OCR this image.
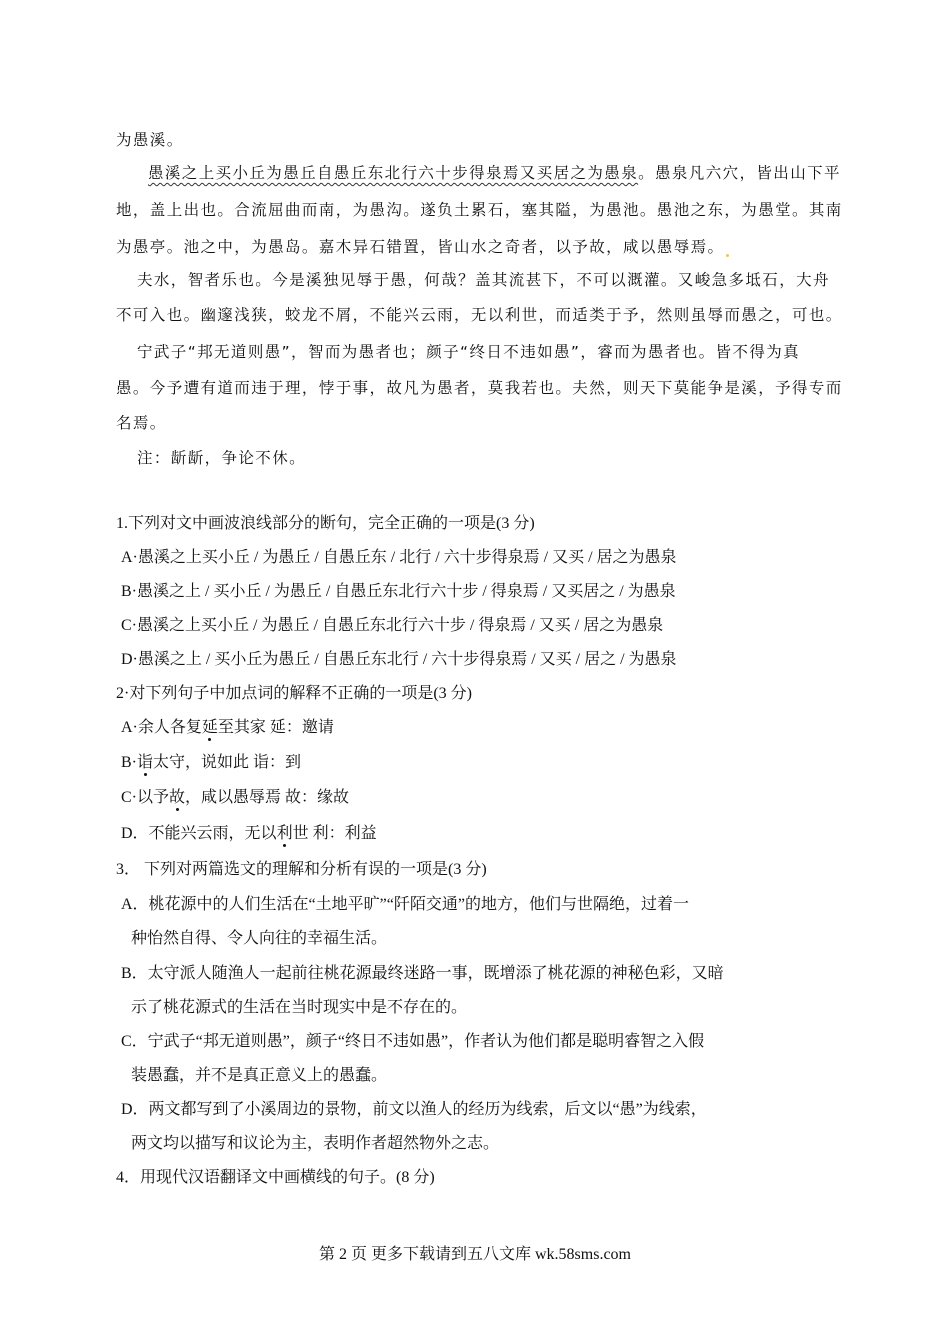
为愚溪。
愚溪之上买小丘为愚丘自愚丘东北行六十步得泉焉又买居之为愚泉。愚泉凡六穴，皆出山下平
地，盖上出也。合流屈曲而南，为愚沟。遂负土累石，塞其隘，为愚池。愚池之东，为愚堂。其南
为愚亭。池之中，为愚岛。嘉木异石错置，皆山水之奇者，以予故，咸以愚辱焉。
夫水，智者乐也。今是溪独见辱于愚，何哉？盖其流甚下，不可以溉灌。又峻急多坻石，大舟
不可入也。幽邃浅狭，蛟龙不屑，不能兴云雨，无以利世，而适类于予，然则虽辱而愚之，可也。
宁武子“邦无道则愚”，智而为愚者也；颜子“终日不违如愚”，睿而为愚者也。皆不得为真
愚。今予遭有道而违于理，悖于事，故凡为愚者，莫我若也。夫然，则天下莫能争是溪，予得专而
名焉。
注：龂龂，争论不休。
1.下列对文中画波浪线部分的断句，完全正确的一项是(3 分)
A·愚溪之上买小丘 / 为愚丘 / 自愚丘东 / 北行 / 六十步得泉焉 / 又买 / 居之为愚泉
B·愚溪之上 / 买小丘 / 为愚丘 / 自愚丘东北行六十步 / 得泉焉 / 又买居之 / 为愚泉
C·愚溪之上买小丘 / 为愚丘 / 自愚丘东北行六十步 / 得泉焉 / 又买 / 居之为愚泉
D·愚溪之上 / 买小丘为愚丘 / 自愚丘东北行 / 六十步得泉焉 / 又买 / 居之 / 为愚泉
2·对下列句子中加点词的解释不正确的一项是(3 分)
A·余人各复延至其家 延：邀请
B·诣太守，说如此 诣：到
C·以予故，咸以愚辱焉 故：缘故
D．不能兴云雨，无以利世 利：利益
3． 下列对两篇选文的理解和分析有误的一项是(3 分)
A．桃花源中的人们生活在“土地平旷”“阡陌交通”的地方，他们与世隔绝，过着一
种怡然自得、令人向往的幸福生活。
B．太守派人随渔人一起前往桃花源最终迷路一事，既增添了桃花源的神秘色彩，又暗
示了桃花源式的生活在当时现实中是不存在的。
C．宁武子“邦无道则愚”，颜子“终日不违如愚”，作者认为他们都是聪明睿智之入假
装愚蠢，并不是真正意义上的愚蠢。
D．两文都写到了小溪周边的景物，前文以渔人的经历为线索，后文以“愚”为线索，
两文均以描写和议论为主，表明作者超然物外之志。
4．用现代汉语翻译文中画横线的句子。(8 分)
第 2 页 更多下载请到五八文库 wk.58sms.com
